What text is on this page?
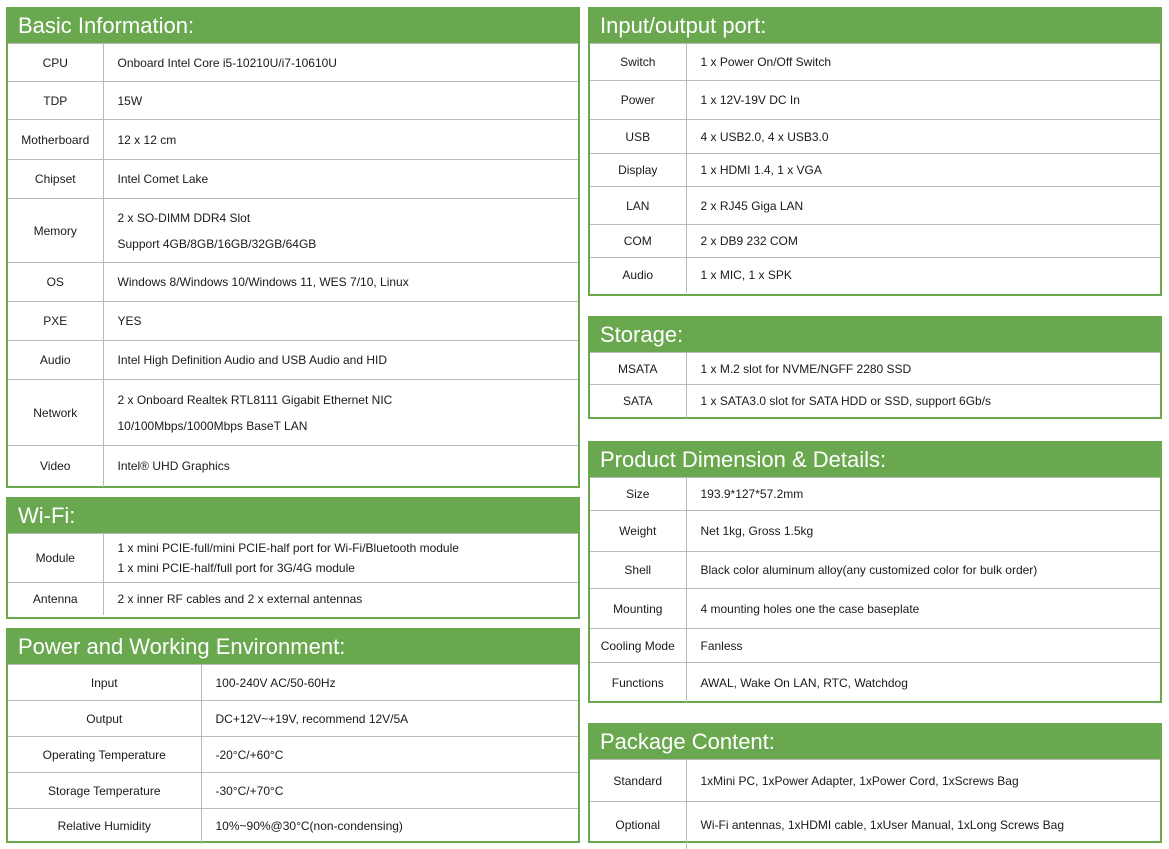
Basic Information:
CPU	Onboard Intel Core i5-10210U/i7-10610U
TDP	15W
Motherboard	12 x 12 cm
Chipset	Intel Comet Lake
Memory	2 x SO-DIMM DDR4 Slot
Support 4GB/8GB/16GB/32GB/64GB

OS	Windows 8/Windows 10/Windows 11, WES 7/10, Linux
PXE	YES
Audio	Intel High Definition Audio and USB Audio and HID
Network	2 x Onboard Realtek RTL8111 Gigabit Ethernet NIC
10/100Mbps/1000Mbps BaseT LAN

Video	Intel® UHD Graphics
Wi-Fi:
Module	1 x mini PCIE-full/mini PCIE-half port for Wi-Fi/Bluetooth module
1 x mini PCIE-half/full port for 3G/4G module

Antenna	2 x inner RF cables and 2 x external antennas
Power and Working Environment:
Input	100-240V AC/50-60Hz
Output	DC+12V~+19V, recommend 12V/5A
Operating Temperature	-20°C/+60°C
Storage Temperature	-30°C/+70°C
Relative Humidity	10%~90%@30°C(non-condensing)
Input/output port:
Switch	1 x Power On/Off Switch
Power	1 x 12V-19V DC In
USB	4 x USB2.0, 4 x USB3.0
Display	1 x HDMI 1.4, 1 x VGA
LAN	2 x RJ45 Giga LAN
COM	2 x DB9 232 COM
Audio	1 x MIC, 1 x SPK
Storage:
MSATA	1 x M.2 slot for NVME/NGFF 2280 SSD
SATA	1 x SATA3.0 slot for SATA HDD or SSD, support 6Gb/s
Product Dimension & Details:
Size	193.9*127*57.2mm
Weight	Net 1kg, Gross 1.5kg
Shell	Black color aluminum alloy(any customized color for bulk order)
Mounting	4 mounting holes one the case baseplate
Cooling Mode	Fanless
Functions	AWAL, Wake On LAN, RTC, Watchdog
Package Content:
Standard	1xMini PC, 1xPower Adapter, 1xPower Cord, 1xScrews Bag
Optional	Wi-Fi antennas, 1xHDMI cable, 1xUser Manual, 1xLong Screws Bag
